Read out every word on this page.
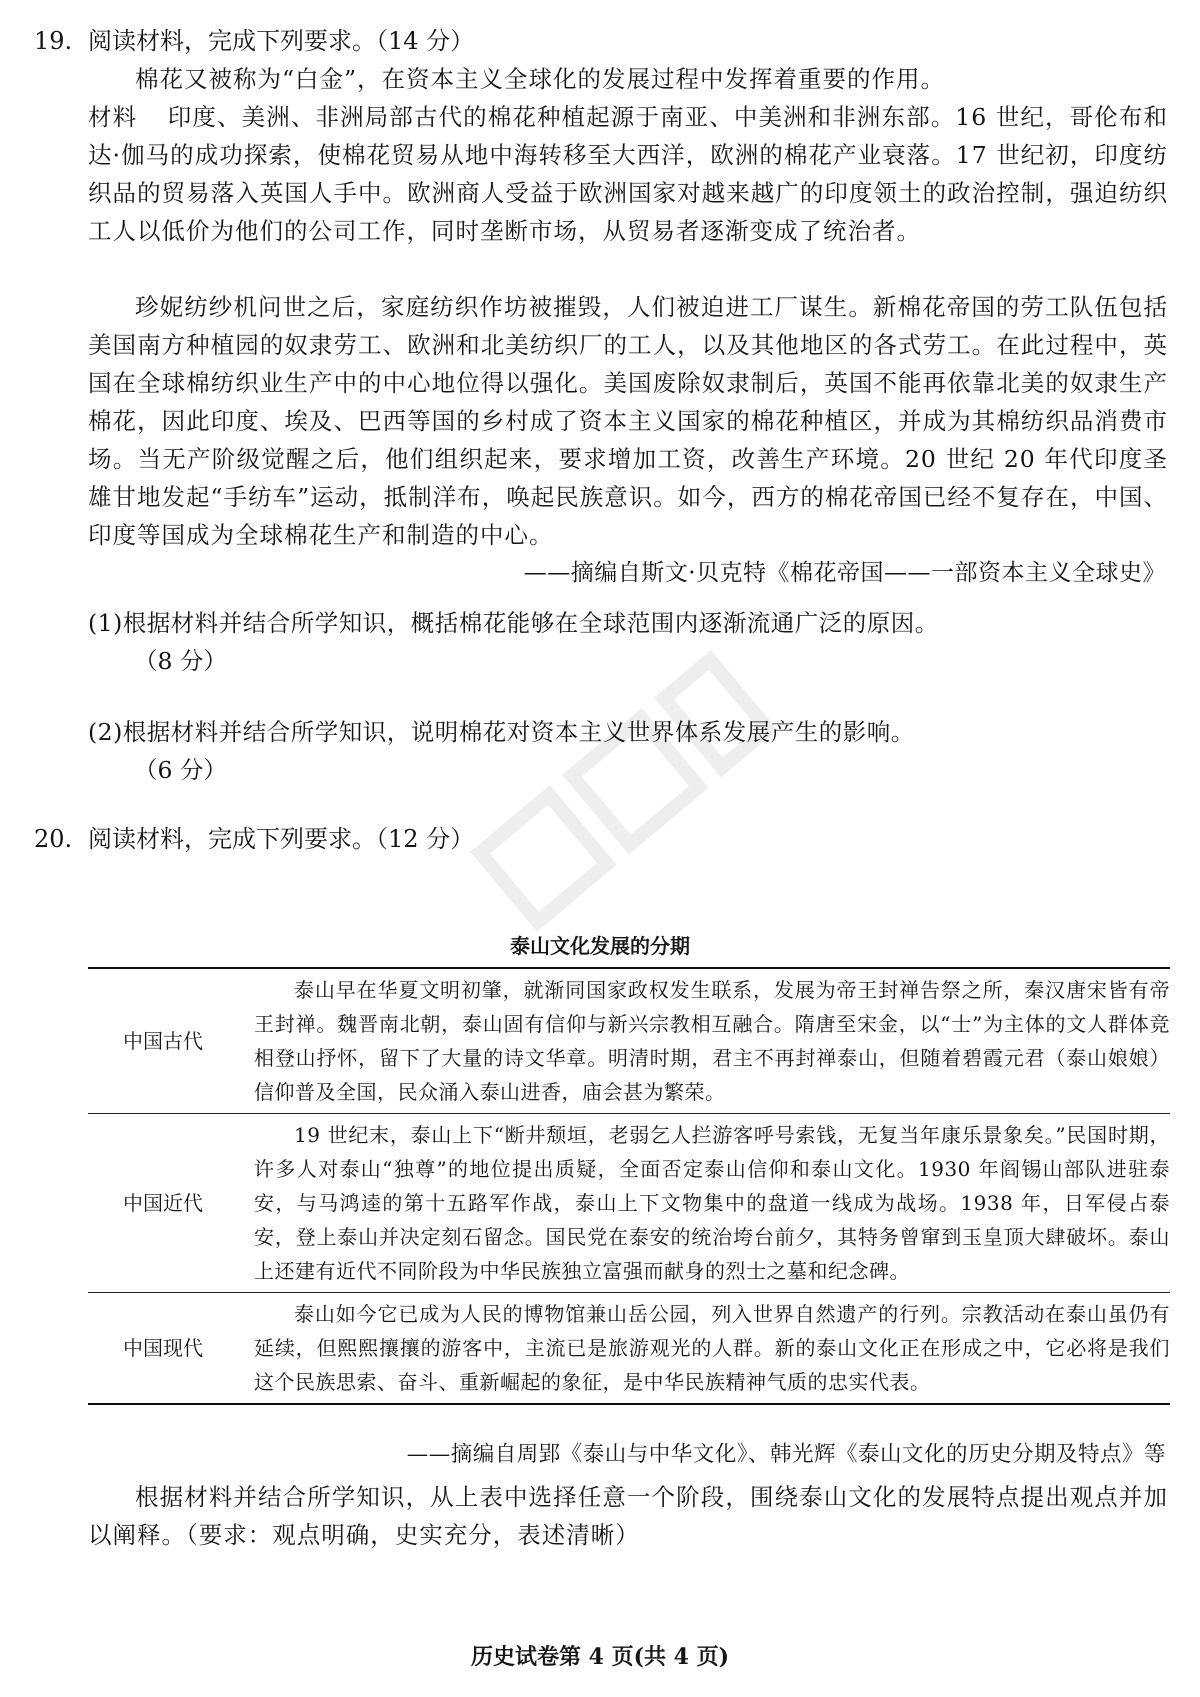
19. 阅读材料，完成下列要求。（14 分）
棉花又被称为“白金”，在资本主义全球化的发展过程中发挥着重要的作用。
材料 印度、美洲、非洲局部古代的棉花种植起源于南亚、中美洲和非洲东部。16 世纪，哥伦布和达·伽马的成功探索，使棉花贸易从地中海转移至大西洋，欧洲的棉花产业衰落。17 世纪初，印度纺织品的贸易落入英国人手中。欧洲商人受益于欧洲国家对越来越广的印度领土的政治控制，强迫纺织工人以低价为他们的公司工作，同时垄断市场，从贸易者逐渐变成了统治者。
珍妮纺纱机问世之后，家庭纺织作坊被摧毁，人们被迫进工厂谋生。新棉花帝国的劳工队伍包括美国南方种植园的奴隶劳工、欧洲和北美纺织厂的工人，以及其他地区的各式劳工。在此过程中，英国在全球棉纺织业生产中的中心地位得以强化。美国废除奴隶制后，英国不能再依靠北美的奴隶生产棉花，因此印度、埃及、巴西等国的乡村成了资本主义国家的棉花种植区，并成为其棉纺织品消费市场。当无产阶级觉醒之后，他们组织起来，要求增加工资，改善生产环境。20 世纪 20 年代印度圣雄甘地发起“手纺车”运动，抵制洋布，唤起民族意识。如今，西方的棉花帝国已经不复存在，中国、印度等国成为全球棉花生产和制造的中心。
——摘编自斯文·贝克特《棉花帝国——一部资本主义全球史》
(1)根据材料并结合所学知识，概括棉花能够在全球范围内逐渐流通广泛的原因。
（8 分）
(2)根据材料并结合所学知识，说明棉花对资本主义世界体系发展产生的影响。
（6 分）
20. 阅读材料，完成下列要求。（12 分）
泰山文化发展的分期
中国古代	泰山早在华夏文明初肇，就渐同国家政权发生联系，发展为帝王封禅告祭之所，秦汉唐宋皆有帝王封禅。魏晋南北朝，泰山固有信仰与新兴宗教相互融合。隋唐至宋金，以“士”为主体的文人群体竞相登山抒怀，留下了大量的诗文华章。明清时期，君主不再封禅泰山，但随着碧霞元君（泰山娘娘）信仰普及全国，民众涌入泰山进香，庙会甚为繁荣。

中国近代	19 世纪末，泰山上下“断井颓垣，老弱乞人拦游客呼号索钱，无复当年康乐景象矣。”民国时期，许多人对泰山“独尊”的地位提出质疑，全面否定泰山信仰和泰山文化。1930 年阎锡山部队进驻泰安，与马鸿逵的第十五路军作战，泰山上下文物集中的盘道一线成为战场。1938 年，日军侵占泰安，登上泰山并决定刻石留念。国民党在泰安的统治垮台前夕，其特务曾窜到玉皇顶大肆破坏。泰山上还建有近代不同阶段为中华民族独立富强而献身的烈士之墓和纪念碑。

中国现代	泰山如今它已成为人民的博物馆兼山岳公园，列入世界自然遗产的行列。宗教活动在泰山虽仍有延续，但熙熙攘攘的游客中，主流已是旅游观光的人群。新的泰山文化正在形成之中，它必将是我们这个民族思索、奋斗、重新崛起的象征，是中华民族精神气质的忠实代表。

——摘编自周郢《泰山与中华文化》、韩光辉《泰山文化的历史分期及特点》等
根据材料并结合所学知识，从上表中选择任意一个阶段，围绕泰山文化的发展特点提出观点并加以阐释。（要求：观点明确，史实充分，表述清晰）
历史试卷第 4 页(共 4 页)
